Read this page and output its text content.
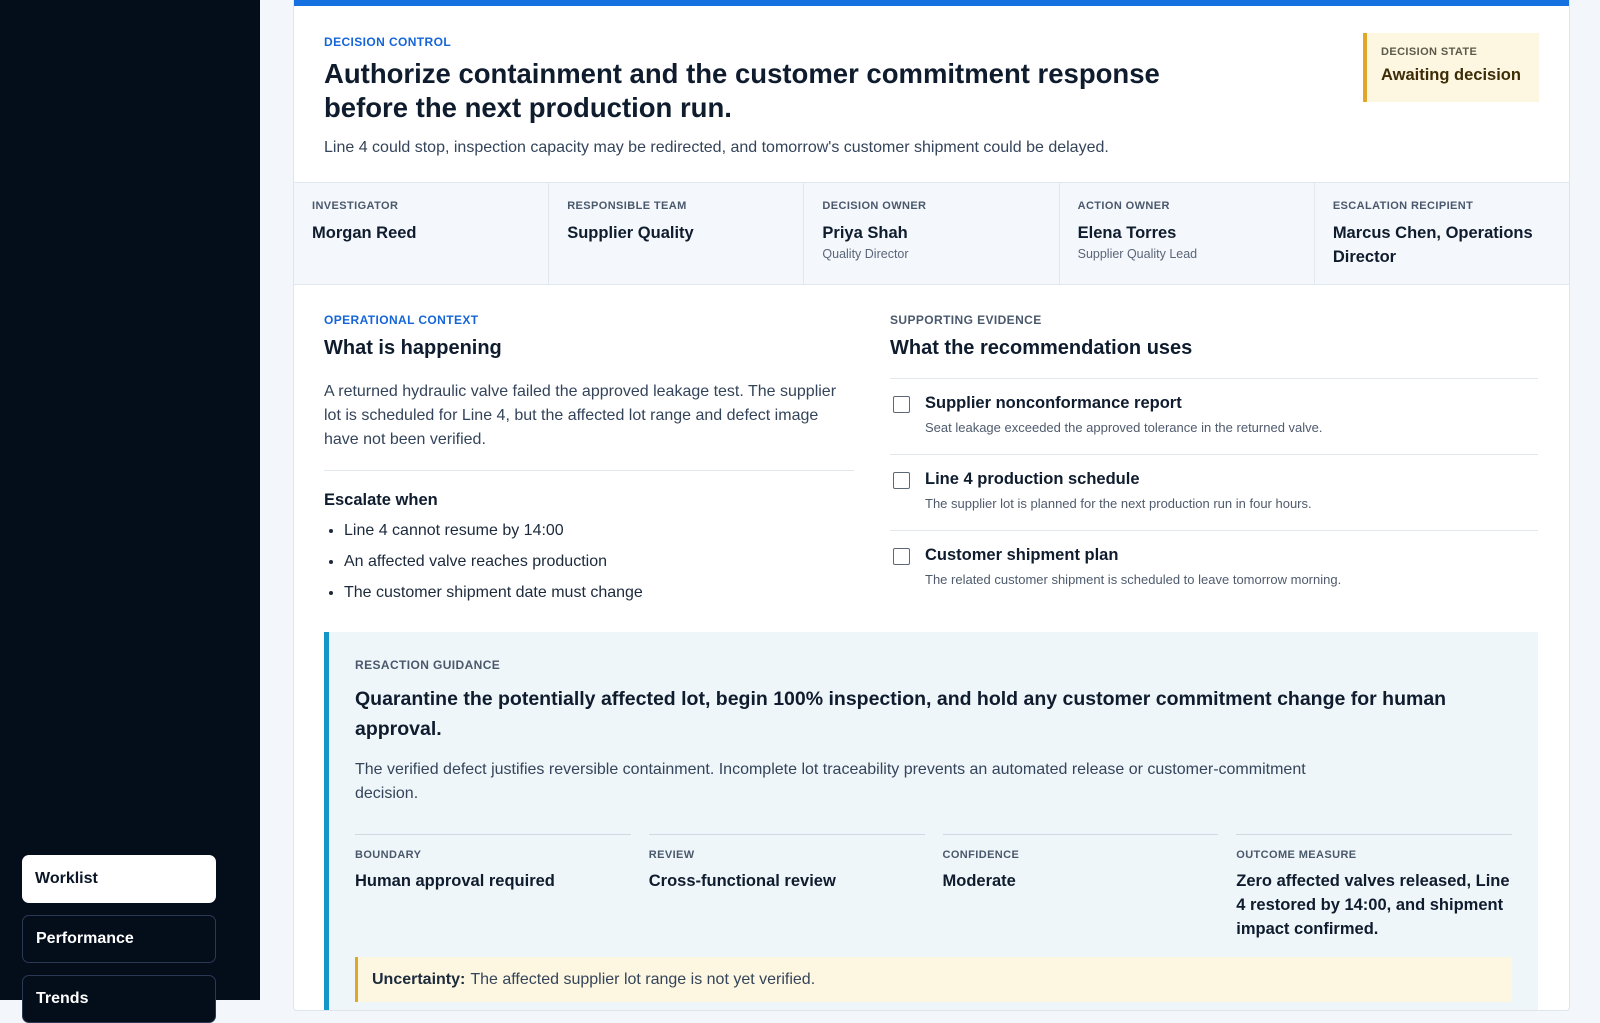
Worklist
Performance
Trends
DECISION CONTROL
Authorize containment and the customer commitment response before the next production run.
Line 4 could stop, inspection capacity may be redirected, and tomorrow's customer shipment could be delayed.
DECISION STATE
Awaiting decision
INVESTIGATOR
Morgan Reed
RESPONSIBLE TEAM
Supplier Quality
DECISION OWNER
Priya Shah
Quality Director
ACTION OWNER
Elena Torres
Supplier Quality Lead
ESCALATION RECIPIENT
Marcus Chen, Operations Director
OPERATIONAL CONTEXT
What is happening
A returned hydraulic valve failed the approved leakage test. The supplier lot is scheduled for Line 4, but the affected lot range and defect image have not been verified.
Escalate when
• Line 4 cannot resume by 14:00
• An affected valve reaches production
• The customer shipment date must change
SUPPORTING EVIDENCE
What the recommendation uses
Supplier nonconformance report
Seat leakage exceeded the approved tolerance in the returned valve.
Line 4 production schedule
The supplier lot is planned for the next production run in four hours.
Customer shipment plan
The related customer shipment is scheduled to leave tomorrow morning.
RESACTION GUIDANCE
Quarantine the potentially affected lot, begin 100% inspection, and hold any customer commitment change for human approval.
The verified defect justifies reversible containment. Incomplete lot traceability prevents an automated release or customer-commitment decision.
BOUNDARY
Human approval required
REVIEW
Cross-functional review
CONFIDENCE
Moderate
OUTCOME MEASURE
Zero affected valves released, Line 4 restored by 14:00, and shipment impact confirmed.
Uncertainty: The affected supplier lot range is not yet verified.
